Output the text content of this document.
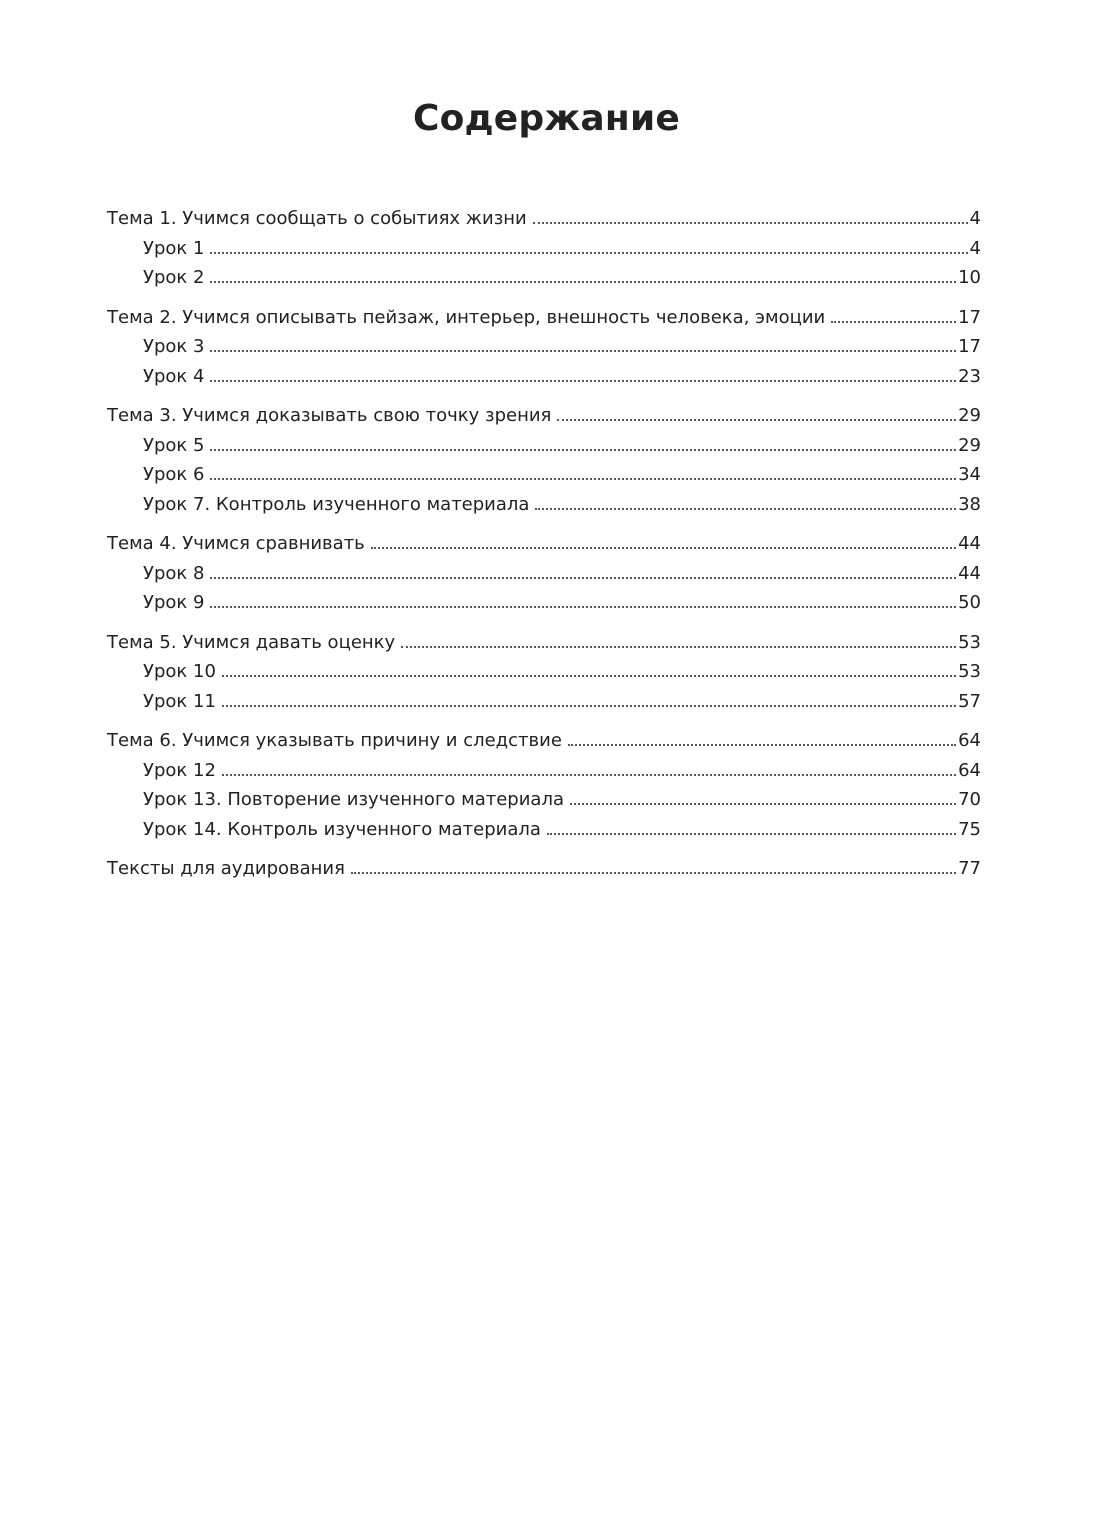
Содержание
Тема 1. Учимся сообщать о событиях жизни	4
Урок 1	4
Урок 2	10
Тема 2. Учимся описывать пейзаж, интерьер, внешность человека, эмоции	17
Урок 3	17
Урок 4	23
Тема 3. Учимся доказывать свою точку зрения	29
Урок 5	29
Урок 6	34
Урок 7. Контроль изученного материала	38
Тема 4. Учимся сравнивать	44
Урок 8	44
Урок 9	50
Тема 5. Учимся давать оценку	53
Урок 10	53
Урок 11	57
Тема 6. Учимся указывать причину и следствие	64
Урок 12	64
Урок 13. Повторение изученного материала	70
Урок 14. Контроль изученного материала	75
Тексты для аудирования	77
